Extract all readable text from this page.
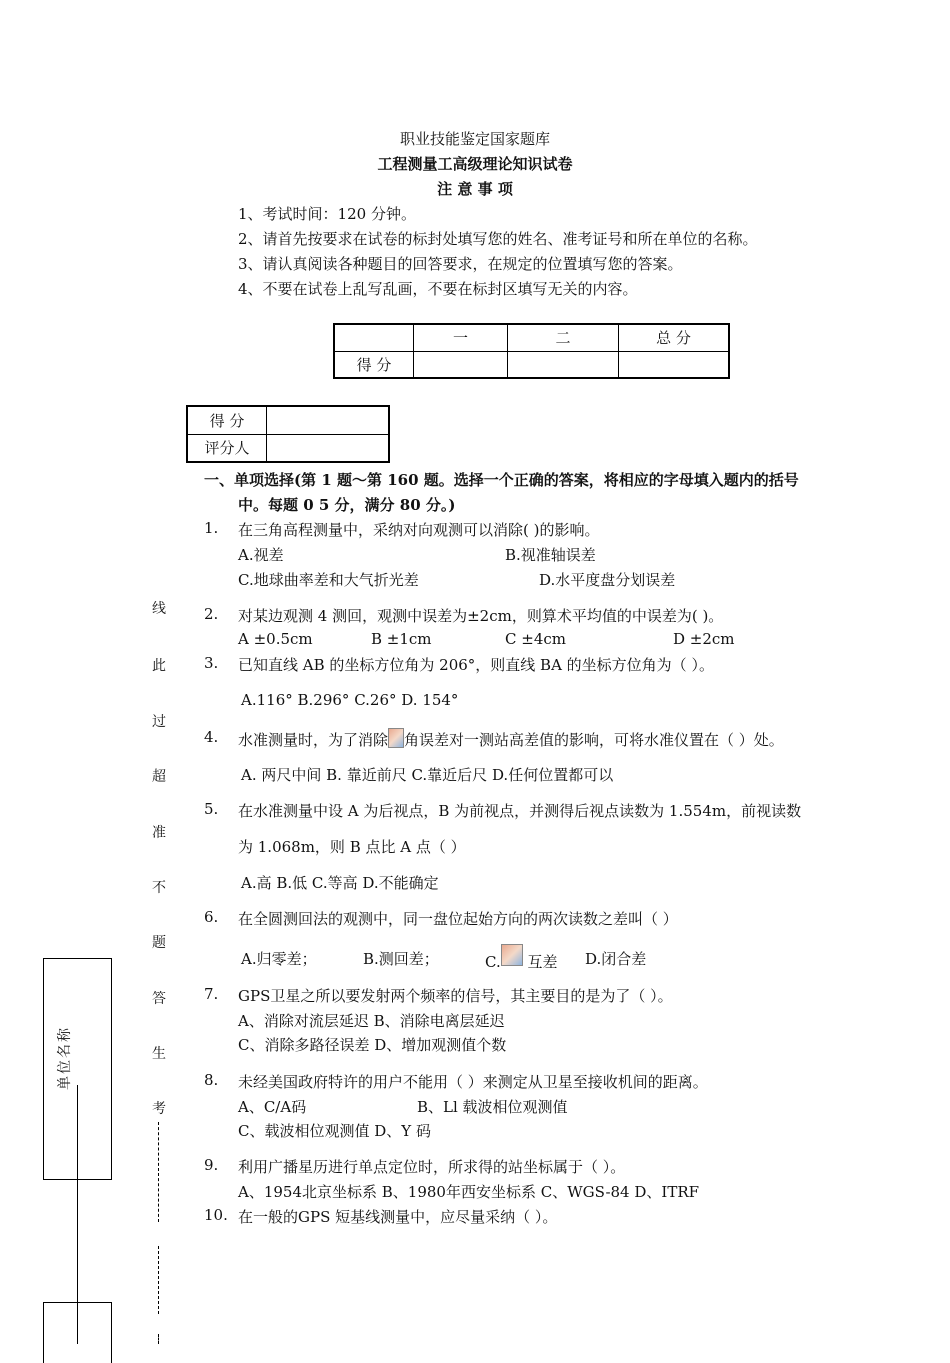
职业技能鉴定国家题库
工程测量工高级理论知识试卷
注 意 事 项
1、考试时间：120 分钟。
2、请首先按要求在试卷的标封处填写您的姓名、准考证号和所在单位的名称。
3、请认真阅读各种题目的回答要求，在规定的位置填写您的答案。
4、不要在试卷上乱写乱画，不要在标封区填写无关的内容。
	一	二	总 分
得 分			
得 分	
评分人	
一、单项选择(第 1 题～第 160 题。选择一个正确的答案，将相应的字母填入题内的括号
中。每题 0 5 分，满分 80 分。)
1. 在三角高程测量中，采纳对向观测可以消除( )的影响。
A.视差	B.视准轴误差
C.地球曲率差和大气折光差	D.水平度盘分划误差
2. 对某边观测 4 测回，观测中误差为±2cm，则算术平均值的中误差为( )。
A ±0.5cm	B ±1cm	C ±4cm	D ±2cm
3. 已知直线 AB 的坐标方位角为 206°，则直线 BA 的坐标方位角为（ ）。
A.116° B.296° C.26° D. 154°
4. 水准测量时，为了消除 角误差对一测站高差值的影响，可将水准仪置在（ ）处。
A. 两尺中间 B. 靠近前尺 C.靠近后尺 D.任何位置都可以
5. 在水准测量中设 A 为后视点，B 为前视点，并测得后视点读数为 1.554m，前视读数
为 1.068m，则 B 点比 A 点（ ）
A.高 B.低 C.等高 D.不能确定
6. 在全圆测回法的观测中，同一盘位起始方向的两次读数之差叫（ ）
A.归零差；	B.测回差；	C. 互差 D.闭合差
7. GPS卫星之所以要发射两个频率的信号，其主要目的是为了（ ）。
A、消除对流层延迟 B、消除电离层延迟
C、消除多路径误差 D、增加观测值个数
8. 未经美国政府特许的用户不能用（ ）来测定从卫星至接收机间的距离。
A、C/A码	B、Ll 载波相位观测值
C、载波相位观测值 D、Y 码
9. 利用广播星历进行单点定位时，所求得的站坐标属于（ ）。
A、1954北京坐标系 B、1980年西安坐标系 C、WGS-84 D、ITRF
10. 在一般的GPS 短基线测量中，应尽量采纳（ ）。
线
此
过
超
准
不
题
答
生
考
单位名称
